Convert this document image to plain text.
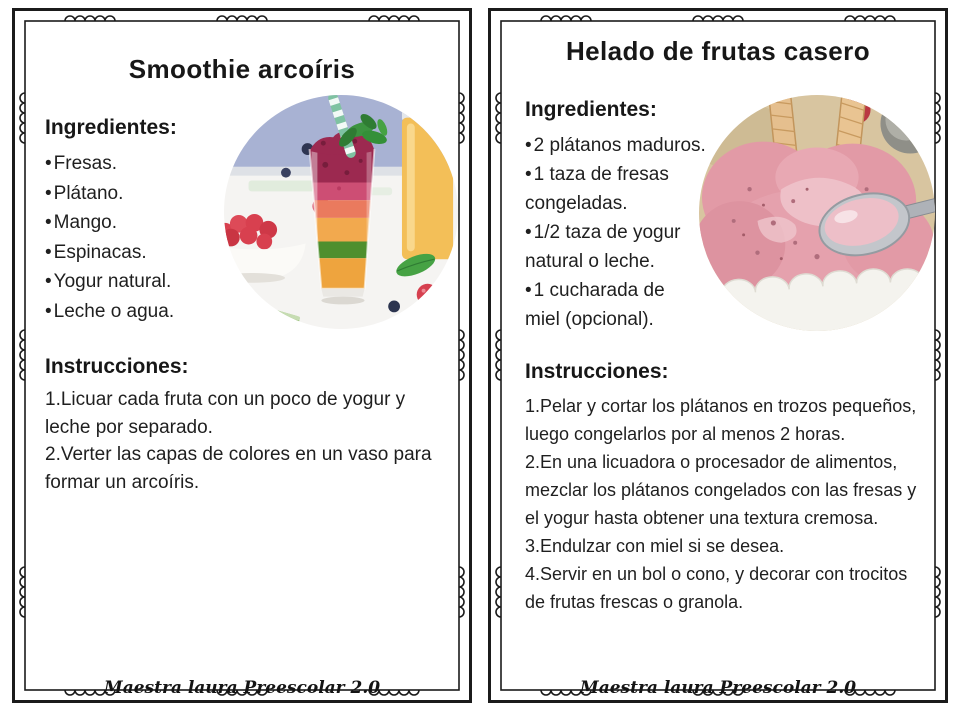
Smoothie arcoíris
Ingredientes:
• Fresas.
• Plátano.
• Mango.
• Espinacas.
• Yogur natural.
• Leche o agua.
Instrucciones:

1.Licuar cada fruta con un poco de yogur y leche por separado.

2.Verter las capas de colores en un vaso para formar un arcoíris.

Maestra laura Preescolar 2.0
Helado de frutas casero
Ingredientes:
• 2 plátanos maduros.
• 1 taza de fresas congeladas.
• 1/2 taza de yogur natural o leche.
• 1 cucharada de miel (opcional).
Instrucciones:

1.Pelar y cortar los plátanos en trozos pequeños, luego congelarlos por al menos 2 horas.

2.En una licuadora o procesador de alimentos, mezclar los plátanos congelados con las fresas y el yogur hasta obtener una textura cremosa.

3.Endulzar con miel si se desea.

4.Servir en un bol o cono, y decorar con trocitos de frutas frescas o granola.

Maestra laura Preescolar 2.0
